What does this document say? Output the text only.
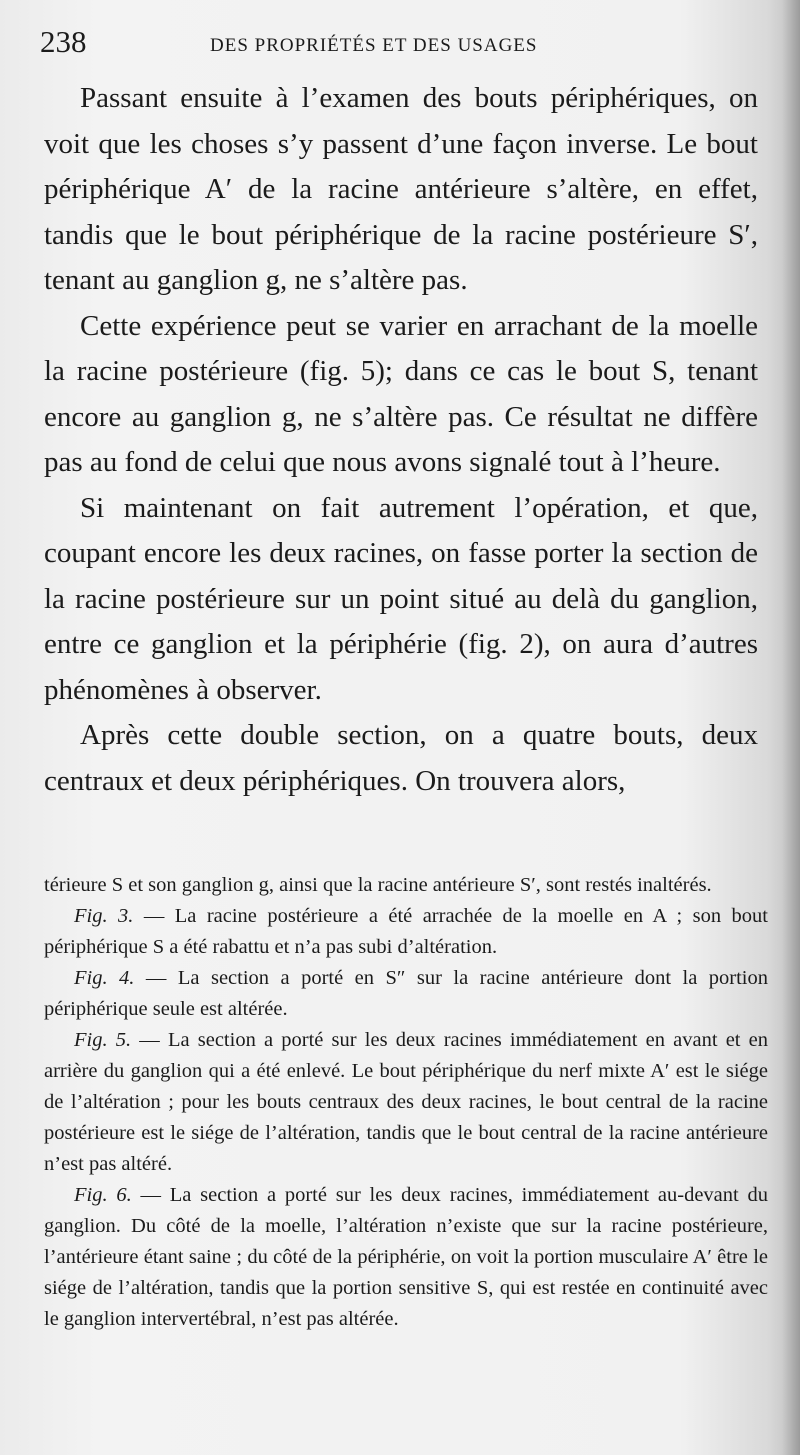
238	DES PROPRIÉTÉS ET DES USAGES

Passant ensuite à l’examen des bouts périphériques, on voit que les choses s’y passent d’une façon inverse. Le bout périphérique A′ de la racine antérieure s’altère, en effet, tandis que le bout périphérique de la racine postérieure S′, tenant au ganglion g, ne s’altère pas.

Cette expérience peut se varier en arrachant de la moelle la racine postérieure (fig. 5); dans ce cas le bout S, tenant encore au ganglion g, ne s’altère pas. Ce résultat ne diffère pas au fond de celui que nous avons signalé tout à l’heure.

Si maintenant on fait autrement l’opération, et que, coupant encore les deux racines, on fasse porter la section de la racine postérieure sur un point situé au delà du ganglion, entre ce ganglion et la périphérie (fig. 2), on aura d’autres phénomènes à observer.

Après cette double section, on a quatre bouts, deux centraux et deux périphériques. On trouvera alors,

térieure S et son ganglion g, ainsi que la racine antérieure S′, sont restés inaltérés.

Fig. 3. — La racine postérieure a été arrachée de la moelle en A ; son bout périphérique S a été rabattu et n’a pas subi d’altération.

Fig. 4. — La section a porté en S″ sur la racine antérieure dont la portion périphérique seule est altérée.

Fig. 5. — La section a porté sur les deux racines immédiatement en avant et en arrière du ganglion qui a été enlevé. Le bout périphérique du nerf mixte A′ est le siége de l’altération ; pour les bouts centraux des deux racines, le bout central de la racine postérieure est le siége de l’altération, tandis que le bout central de la racine antérieure n’est pas altéré.

Fig. 6. — La section a porté sur les deux racines, immédiatement au-devant du ganglion. Du côté de la moelle, l’altération n’existe que sur la racine postérieure, l’antérieure étant saine ; du côté de la périphérie, on voit la portion musculaire A′ être le siége de l’altération, tandis que la portion sensitive S, qui est restée en continuité avec le ganglion intervertébral, n’est pas altérée.
